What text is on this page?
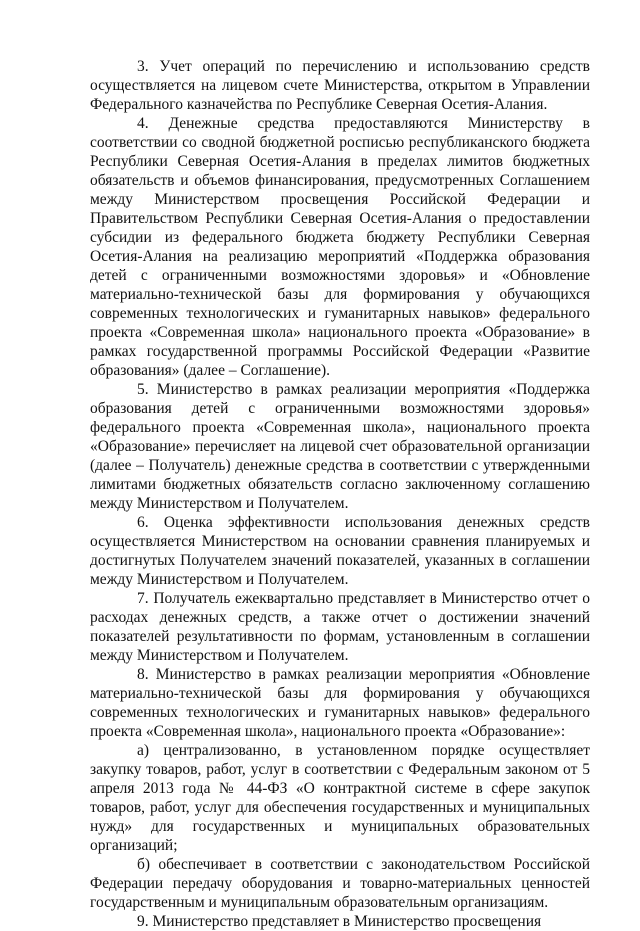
3. Учет операций по перечислению и использованию средств осуществляется на лицевом счете Министерства, открытом в Управлении Федерального казначейства по Республике Северная Осетия-Алания.

4. Денежные средства предоставляются Министерству в соответствии со сводной бюджетной росписью республиканского бюджета Республики Северная Осетия-Алания в пределах лимитов бюджетных обязательств и объемов финансирования, предусмотренных Соглашением между Министерством просвещения Российской Федерации и Правительством Республики Северная Осетия-Алания о предоставлении субсидии из федерального бюджета бюджету Республики Северная Осетия-Алания на реализацию мероприятий «Поддержка образования детей с ограниченными возможностями здоровья» и «Обновление материально-технической базы для формирования у обучающихся современных технологических и гуманитарных навыков» федерального проекта «Современная школа» национального проекта «Образование» в рамках государственной программы Российской Федерации «Развитие образования» (далее – Соглашение).

5. Министерство в рамках реализации мероприятия «Поддержка образования детей с ограниченными возможностями здоровья» федерального проекта «Современная школа», национального проекта «Образование» перечисляет на лицевой счет образовательной организации (далее – Получатель) денежные средства в соответствии с утвержденными лимитами бюджетных обязательств согласно заключенному соглашению между Министерством и Получателем.

6. Оценка эффективности использования денежных средств осуществляется Министерством на основании сравнения планируемых и достигнутых Получателем значений показателей, указанных в соглашении между Министерством и Получателем.

7. Получатель ежеквартально представляет в Министерство отчет о расходах денежных средств, а также отчет о достижении значений показателей результативности по формам, установленным в соглашении между Министерством и Получателем.

8. Министерство в рамках реализации мероприятия «Обновление материально-технической базы для формирования у обучающихся современных технологических и гуманитарных навыков» федерального проекта «Современная школа», национального проекта «Образование»:

а) централизованно, в установленном порядке осуществляет закупку товаров, работ, услуг в соответствии с Федеральным законом от 5 апреля 2013 года № 44-ФЗ «О контрактной системе в сфере закупок товаров, работ, услуг для обеспечения государственных и муниципальных нужд» для государственных и муниципальных образовательных организаций;

б) обеспечивает в соответствии с законодательством Российской Федерации передачу оборудования и товарно-материальных ценностей государственным и муниципальным образовательным организациям.

9. Министерство представляет в Министерство просвещения
